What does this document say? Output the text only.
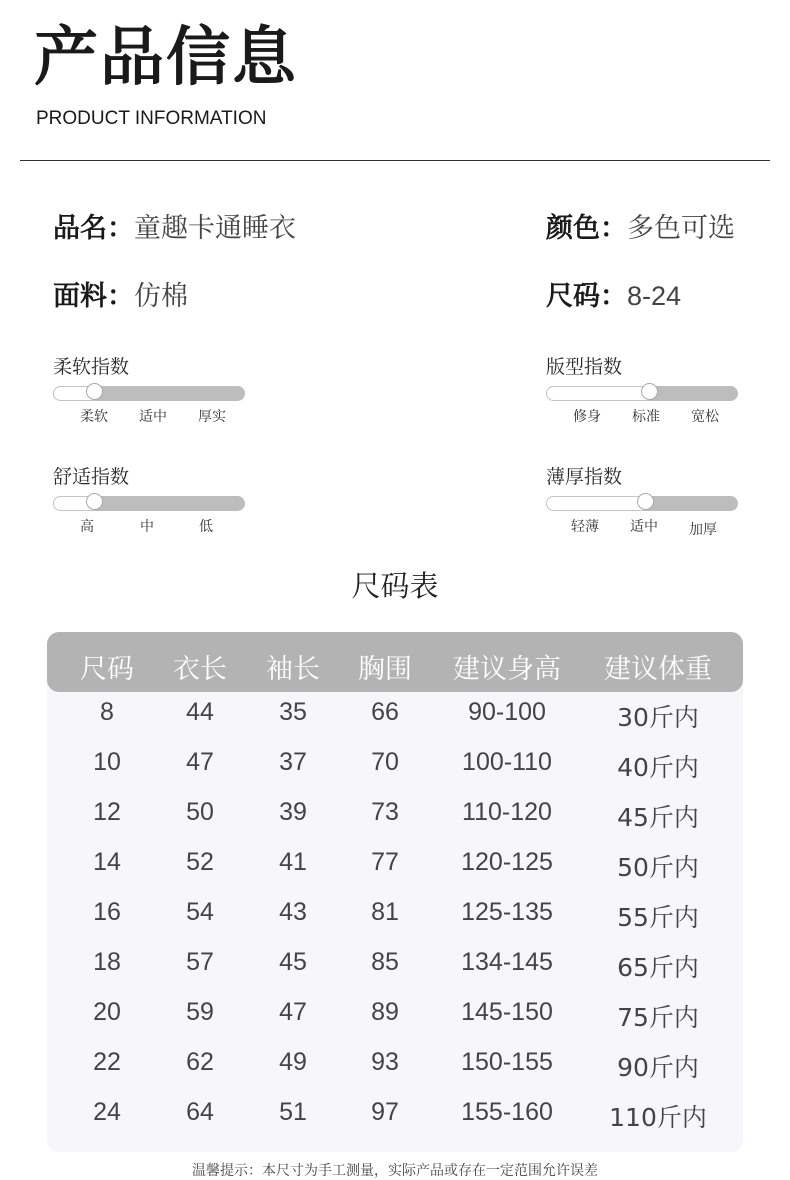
产品信息
PRODUCT INFORMATION
品名：童趣卡通睡衣	颜色：多色可选
面料：仿棉	尺码：8-24
柔软指数
柔软 适中 厚实
版型指数
修身 标准 宽松
舒适指数
高	中	低
薄厚指数
轻薄 适中 加厚
尺码表
尺码 衣长 袖长 胸围 建议身高 建议体重
8	44	35	66	90-100	30斤内
10	47	37	70	100-110	40斤内
12	50	39	73	110-120	45斤内
14	52	41	77 120-125	50斤内
16	54	43	81 125-135	55斤内
18	57	45	85 134-145	65斤内
20	59	47	89 145-150	75斤内
22	62	49	93 150-155	90斤内
24	64	51	97 155-160 110斤内
温馨提示：本尺寸为手工测量，实际产品或存在一定范围允许误差
